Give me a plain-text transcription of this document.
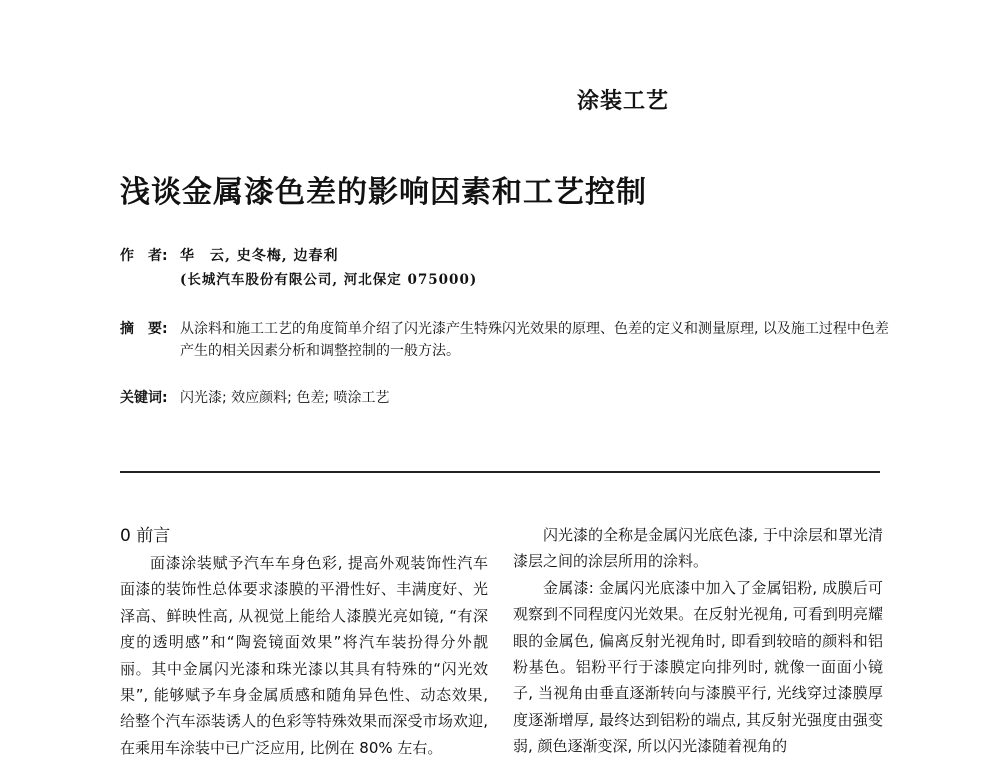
涂装工艺
浅谈金属漆色差的影响因素和工艺控制
作　者: 华　云, 史冬梅, 边春利
(长城汽车股份有限公司, 河北保定 075000)
摘　要: 从涂料和施工工艺的角度简单介绍了闪光漆产生特殊闪光效果的原理、色差的定义和测量原理, 以及施工过程中色差产生的相关因素分析和调整控制的一般方法。
关键词: 闪光漆; 效应颜料; 色差; 喷涂工艺
0 前言

面漆涂装赋予汽车车身色彩, 提高外观装饰性汽车面漆的装饰性总体要求漆膜的平滑性好、丰满度好、光泽高、鲜映性高, 从视觉上能给人漆膜光亮如镜, “有深度的透明感”和“陶瓷镜面效果”将汽车装扮得分外靓丽。其中金属闪光漆和珠光漆以其具有特殊的“闪光效果”, 能够赋予车身金属质感和随角异色性、动态效果, 给整个汽车添装诱人的色彩等特殊效果而深受市场欢迎, 在乘用车涂装中已广泛应用, 比例在 80% 左右。

闪光漆的全称是金属闪光底色漆, 于中涂层和罩光清漆层之间的涂层所用的涂料。

金属漆: 金属闪光底漆中加入了金属铝粉, 成膜后可观察到不同程度闪光效果。在反射光视角, 可看到明亮耀眼的金属色, 偏离反射光视角时, 即看到较暗的颜料和铝粉基色。铝粉平行于漆膜定向排列时, 就像一面面小镜子, 当视角由垂直逐渐转向与漆膜平行, 光线穿过漆膜厚度逐渐增厚, 最终达到铝粉的端点, 其反射光强度由强变弱, 颜色逐渐变深, 所以闪光漆随着视角的
